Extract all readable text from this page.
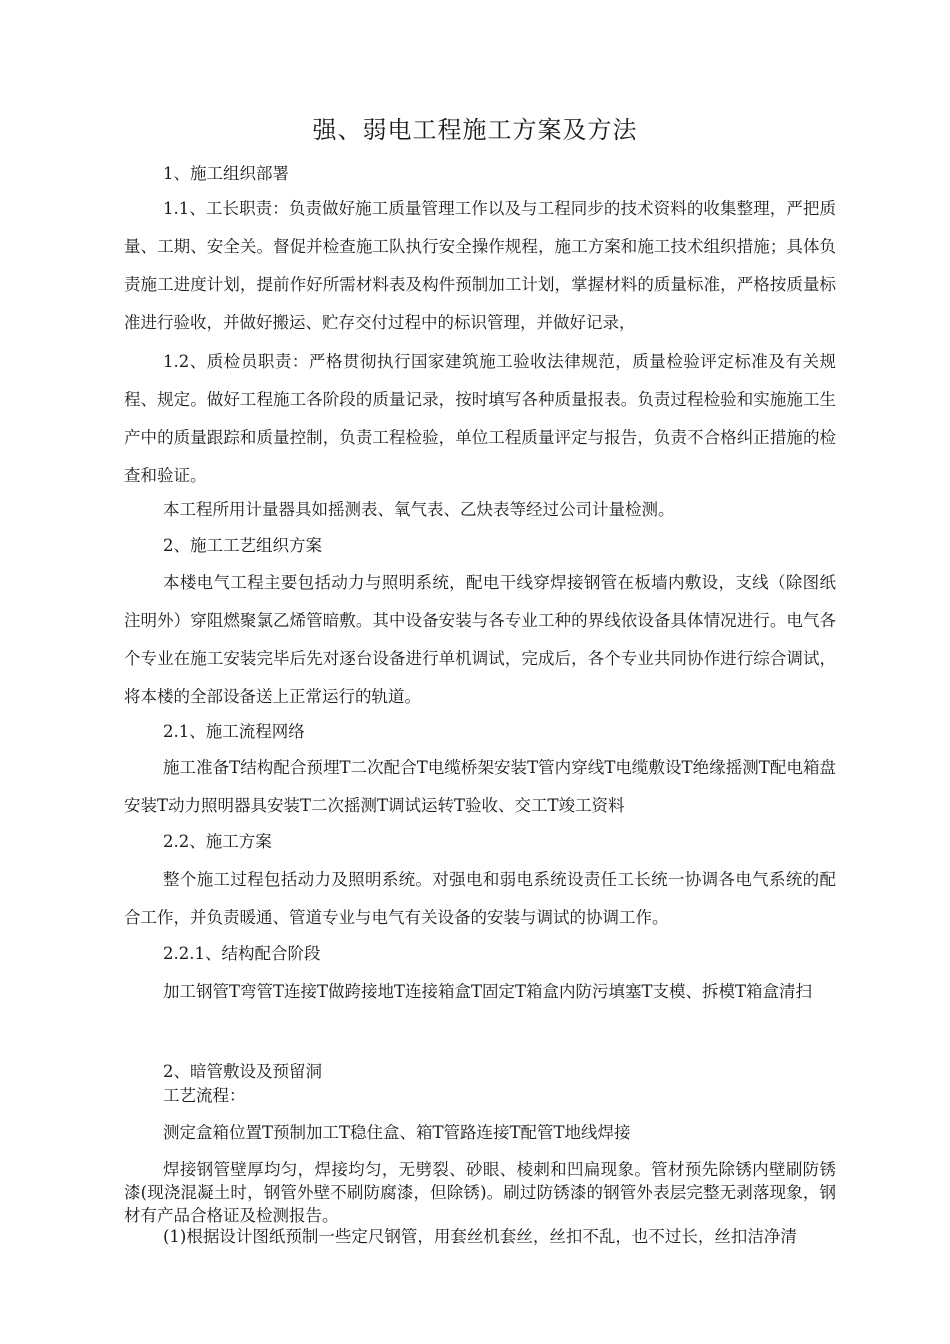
强、弱电工程施工方案及方法

1、施工组织部署

1.1、工长职责：负责做好施工质量管理工作以及与工程同步的技术资料的收集整理，严把质量、工期、安全关。督促并检查施工队执行安全操作规程，施工方案和施工技术组织措施；具体负责施工进度计划，提前作好所需材料表及构件预制加工计划，掌握材料的质量标准，严格按质量标准进行验收，并做好搬运、贮存交付过程中的标识管理，并做好记录，

1.2、质检员职责：严格贯彻执行国家建筑施工验收法律规范，质量检验评定标准及有关规程、规定。做好工程施工各阶段的质量记录，按时填写各种质量报表。负责过程检验和实施施工生产中的质量跟踪和质量控制，负责工程检验，单位工程质量评定与报告，负责不合格纠正措施的检查和验证。

本工程所用计量器具如摇测表、氧气表、乙炔表等经过公司计量检测。

2、施工工艺组织方案

本楼电气工程主要包括动力与照明系统，配电干线穿焊接钢管在板墙内敷设，支线（除图纸注明外）穿阻燃聚氯乙烯管暗敷。其中设备安装与各专业工种的界线依设备具体情况进行。电气各个专业在施工安装完毕后先对逐台设备进行单机调试，完成后，各个专业共同协作进行综合调试，将本楼的全部设备送上正常运行的轨道。

2.1、施工流程网络

施工准备T结构配合预埋T二次配合T电缆桥架安装T管内穿线T电缆敷设T绝缘摇测T配电箱盘安装T动力照明器具安装T二次摇测T调试运转T验收、交工T竣工资料

2.2、施工方案

整个施工过程包括动力及照明系统。对强电和弱电系统设责任工长统一协调各电气系统的配合工作，并负责暖通、管道专业与电气有关设备的安装与调试的协调工作。

2.2.1、结构配合阶段

加工钢管T弯管T连接T做跨接地T连接箱盒T固定T箱盒内防污填塞T支模、拆模T箱盒清扫

2、暗管敷设及预留洞

工艺流程：

测定盒箱位置T预制加工T稳住盒、箱T管路连接T配管T地线焊接

焊接钢管壁厚均匀，焊接均匀，无劈裂、砂眼、棱刺和凹扁现象。管材预先除锈内壁刷防锈漆(现浇混凝土时，钢管外壁不刷防腐漆，但除锈)。刷过防锈漆的钢管外表层完整无剥落现象，钢材有产品合格证及检测报告。

(1)根据设计图纸预制一些定尺钢管，用套丝机套丝，丝扣不乱，也不过长，丝扣洁净清
